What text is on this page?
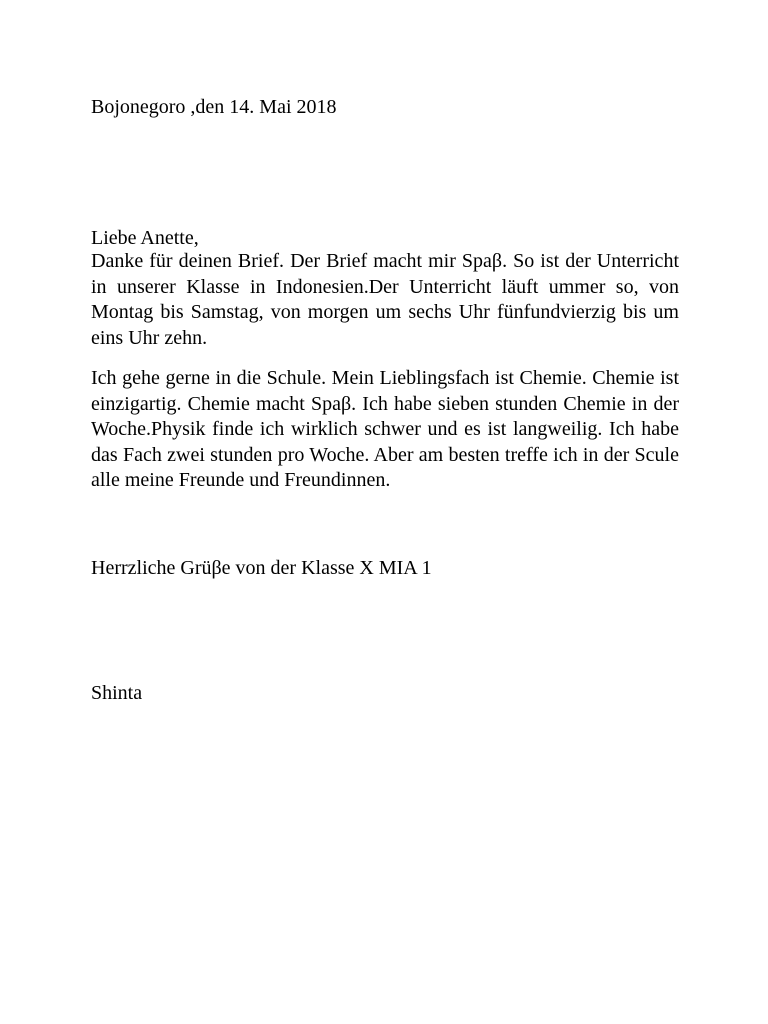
Bojonegoro ,den 14. Mai 2018

Liebe Anette,

Danke für deinen Brief. Der Brief macht mir Spaβ. So ist der Unterricht in unserer Klasse in Indonesien.Der Unterricht läuft ummer so, von Montag bis Samstag, von morgen um sechs Uhr fünfundvierzig bis um eins Uhr zehn.

Ich gehe gerne in die Schule. Mein Lieblingsfach ist Chemie. Chemie ist einzigartig. Chemie macht Spaβ. Ich habe sieben stunden Chemie in der Woche.Physik finde ich wirklich schwer und es ist langweilig. Ich habe das Fach zwei stunden pro Woche. Aber am besten treffe ich in der Scule alle meine Freunde und Freundinnen.

Herrzliche Grüβe von der Klasse X MIA 1

Shinta
